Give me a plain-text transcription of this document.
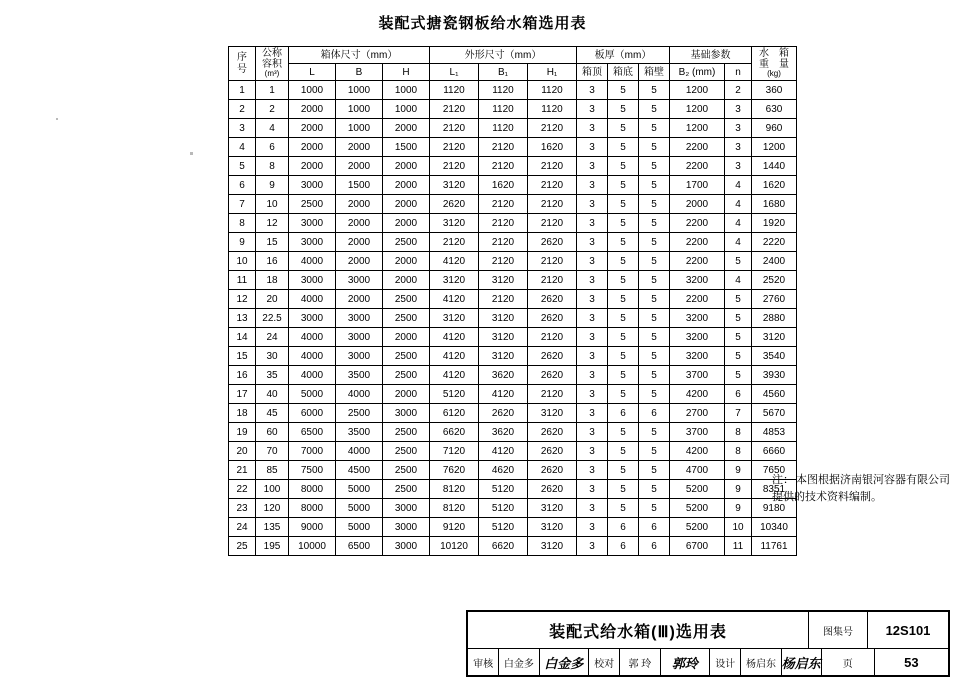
装配式搪瓷钢板给水箱选用表
序
号	公称
容积
(m³)	箱体尺寸（mm）			外形尺寸（mm）			板厚（mm）			基础参数		水　箱
重　量
(kg)

		L	B	H	L₁	B₁	H₁	箱顶	箱底	箱壁	B₂ (mm)	n	
1	1	1000	1000	1000	1120	1120	1120	3	5	5	1200	2	360
2	2	2000	1000	1000	2120	1120	1120	3	5	5	1200	3	630
3	4	2000	1000	2000	2120	1120	2120	3	5	5	1200	3	960
4	6	2000	2000	1500	2120	2120	1620	3	5	5	2200	3	1200
5	8	2000	2000	2000	2120	2120	2120	3	5	5	2200	3	1440
6	9	3000	1500	2000	3120	1620	2120	3	5	5	1700	4	1620
7	10	2500	2000	2000	2620	2120	2120	3	5	5	2000	4	1680
8	12	3000	2000	2000	3120	2120	2120	3	5	5	2200	4	1920
9	15	3000	2000	2500	2120	2120	2620	3	5	5	2200	4	2220
10	16	4000	2000	2000	4120	2120	2120	3	5	5	2200	5	2400
11	18	3000	3000	2000	3120	3120	2120	3	5	5	3200	4	2520
12	20	4000	2000	2500	4120	2120	2620	3	5	5	2200	5	2760
13	22.5	3000	3000	2500	3120	3120	2620	3	5	5	3200	5	2880
14	24	4000	3000	2000	4120	3120	2120	3	5	5	3200	5	3120
15	30	4000	3000	2500	4120	3120	2620	3	5	5	3200	5	3540
16	35	4000	3500	2500	4120	3620	2620	3	5	5	3700	5	3930
17	40	5000	4000	2000	5120	4120	2120	3	5	5	4200	6	4560
18	45	6000	2500	3000	6120	2620	3120	3	6	6	2700	7	5670
19	60	6500	3500	2500	6620	3620	2620	3	5	5	3700	8	4853
20	70	7000	4000	2500	7120	4120	2620	3	5	5	4200	8	6660
21	85	7500	4500	2500	7620	4620	2620	3	5	5	4700	9	7650
22	100	8000	5000	2500	8120	5120	2620	3	5	5	5200	9	8351
23	120	8000	5000	3000	8120	5120	3120	3	5	5	5200	9	9180
24	135	9000	5000	3000	9120	5120	3120	3	6	6	5200	10	10340
25	195	10000	6500	3000	10120	6620	3120	3	6	6	6700	11	11761
注： 本图根据济南银河容器有限公司提供的技术资料编制。
装配式给水箱(Ⅲ)选用表	图集号	12S101
审核	白金多 白金多	校对	郭 玲	郭玲	设计	杨启东 杨启东	页	53
